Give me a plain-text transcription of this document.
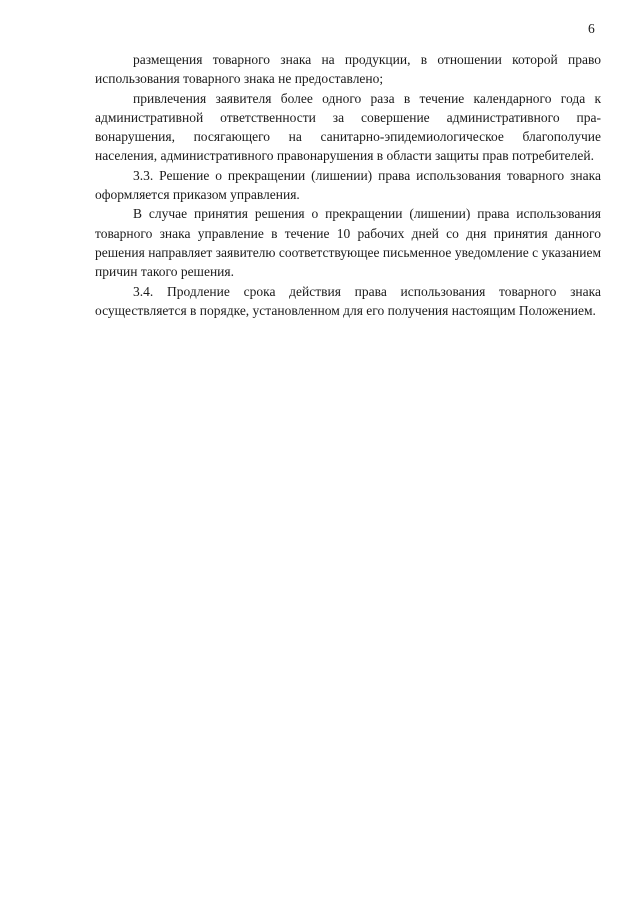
6

размещения товарного знака на продукции, в отношении которой право использования товарного знака не предоставлено;

привлечения заявителя более одного раза в течение календарного года к административной ответственности за совершение административного правонарушения, посягающего на санитарно-эпидемиологическое благополучие населения, административного правонарушения в области защиты прав потребителей.

3.3. Решение о прекращении (лишении) права использования товарного знака оформляется приказом управления.

В случае принятия решения о прекращении (лишении) права использования товарного знака управление в течение 10 рабочих дней со дня принятия данного решения направляет заявителю соответствующее письменное уведомление с указанием причин такого решения.

3.4. Продление срока действия права использования товарного знака осуществляется в порядке, установленном для его получения настоящим Положением.
